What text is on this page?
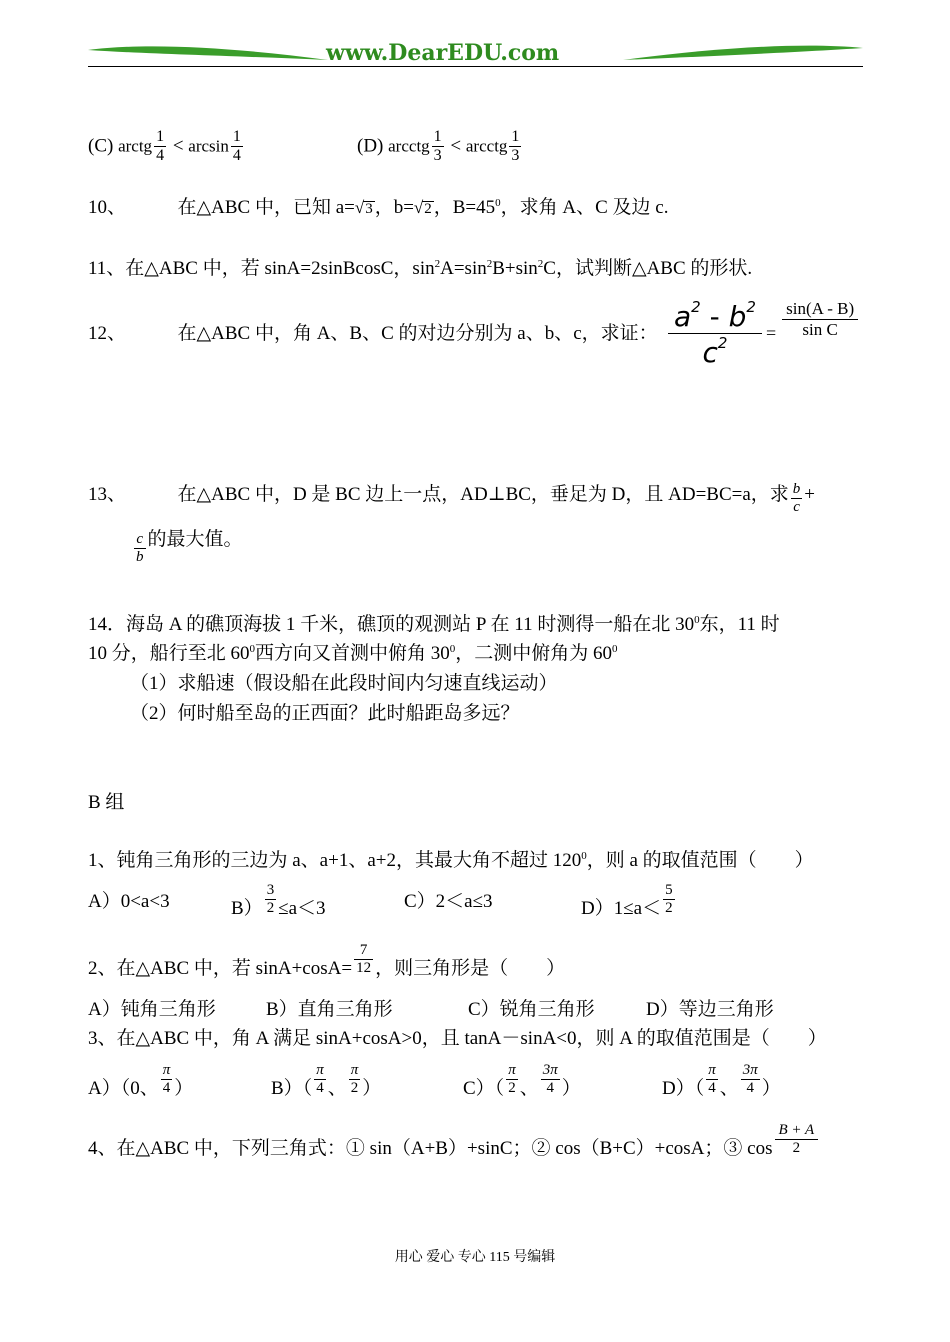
www.DearEDU.com
(C) arctg $\frac{1}{4} < \arcsin \frac{1}{4}$	(D) arcctg $\frac{1}{3}$ < arcctg $\frac{1}{3}$
10、	在△ABC 中，已知 a=√3 ，b=√2 ，$B=45^0$，求角 A、C 及边 c.
11、在△ABC 中，若 sinA=2sinBcosC，$\sin^2A=\sin^2B+\sin^2C$，试判断△ABC 的形状.
12、	在△ABC 中，角 A、B、C 的对边分别为 a、b、c，求证： $\frac{a^2 - b^2}{c^2} = \frac{\sin(A - B)}{\text{sin C}}$
13、	在△ABC 中，D 是 BC 边上一点，AD⊥BC，垂足为 D，且 AD=BC=a，求 $\frac{b}{c}$ +
$\frac{c}{b}$ 的最大值。
14．海岛 A 的礁顶海拔 1 千米，礁顶的观测站 P 在 11 时测得一船在北 $30^0$东，11 时
10 分，船行至北 $60^0$西方向又首测中俯角 $30^0$，二测中俯角为 $60^0$
（1）求船速（假设船在此段时间内匀速直线运动）
（2）何时船至岛的正西面？此时船距岛多远？
B 组
1、钝角三角形的三边为 a、a+1、a+2，其最大角不超过 $120^0$，则 a 的取值范围（　　）
A）0<a<3	$B) \frac{3}{2} \le a<3$	C）2＜a≤3	$D)1\le a< \frac{5}{2}$
2、在△ABC 中，若 $\sin A+\cos A= \frac{7}{12}$ ，则三角形是（　　）
A）钝角三角形	B）直角三角形	C）锐角三角形	D）等边三角形
3、在△ABC 中，角 A 满足 sinA+cosA>0，且 tanA－sinA<0，则 A 的取值范围是（　　）
A）（0、 $\frac{\pi}{4}$ ）	$B)( \frac{\pi}{4}$ 、 $\frac{\pi}{2}$ ）	$C)( \frac{\pi}{2}$ 、 $\frac{3\pi}{4}$ ）	$D)( \frac{\pi}{4}$ 、 $\frac{3\pi}{4}$ ）
4、在△ABC 中，下列三角式：① sin（A+B）+sinC；② cos（B+C）+cosA；③ $\cos \frac{B + A}{2}$
用心 爱心 专心 115 号编辑
